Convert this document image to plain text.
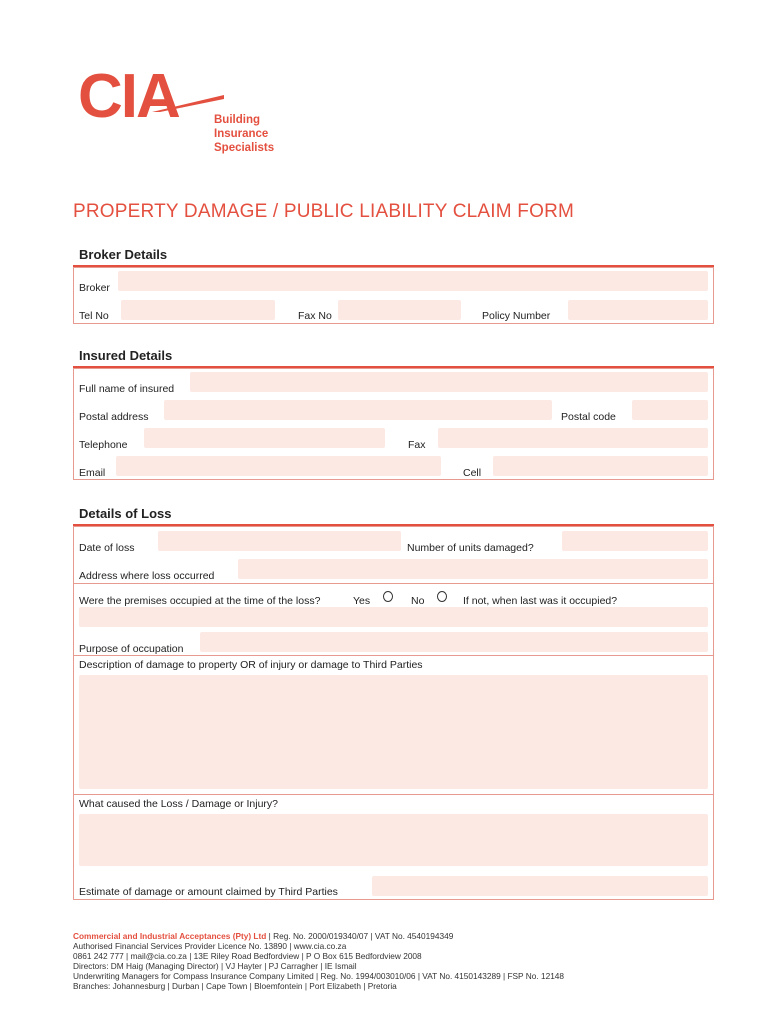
CIA	Building
Insurance
Specialists
PROPERTY DAMAGE / PUBLIC LIABILITY CLAIM FORM
Broker Details
Broker
Tel No	Fax No	Policy Number
Insured Details
Full name of insured
Postal address	Postal code
Telephone	Fax
Email	Cell
Details of Loss
Date of loss	Number of units damaged?
Address where loss occurred
Were the premises occupied at the time of the loss?	Yes	No	If not, when last was it occupied?
Purpose of occupation
Description of damage to property OR of injury or damage to Third Parties
What caused the Loss / Damage or Injury?
Estimate of damage or amount claimed by Third Parties
Commercial and Industrial Acceptances (Pty) Ltd | Reg. No. 2000/019340/07 | VAT No. 4540194349
Authorised Financial Services Provider Licence No. 13890 | www.cia.co.za
0861 242 777 | mail@cia.co.za | 13E Riley Road Bedfordview | P O Box 615 Bedfordview 2008
Directors: DM Haig (Managing Director) | VJ Hayter | PJ Carragher | IE Ismail
Underwriting Managers for Compass Insurance Company Limited | Reg. No. 1994/003010/06 | VAT No. 4150143289 | FSP No. 12148
Branches: Johannesburg | Durban | Cape Town | Bloemfontein | Port Elizabeth | Pretoria
